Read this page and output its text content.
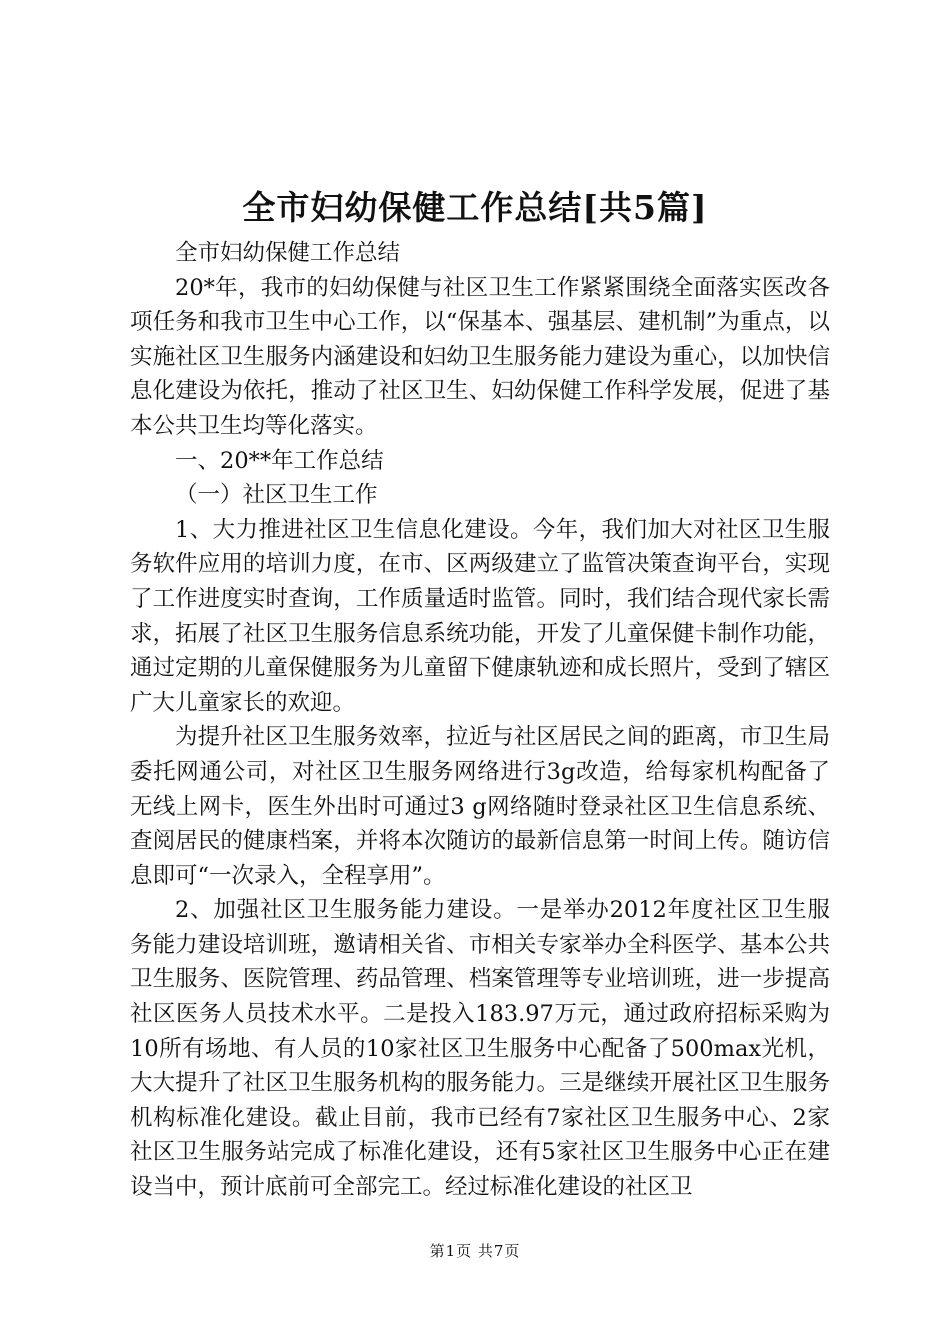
全市妇幼保健工作总结[共5篇]

全市妇幼保健工作总结

20*年，我市的妇幼保健与社区卫生工作紧紧围绕全面落实医改各项任务和我市卫生中心工作，以“保基本、强基层、建机制”为重点，以实施社区卫生服务内涵建设和妇幼卫生服务能力建设为重心，以加快信息化建设为依托，推动了社区卫生、妇幼保健工作科学发展，促进了基本公共卫生均等化落实。

一、20**年工作总结

（一）社区卫生工作

1、大力推进社区卫生信息化建设。今年，我们加大对社区卫生服务软件应用的培训力度，在市、区两级建立了监管决策查询平台，实现了工作进度实时查询，工作质量适时监管。同时，我们结合现代家长需求，拓展了社区卫生服务信息系统功能，开发了儿童保健卡制作功能，通过定期的儿童保健服务为儿童留下健康轨迹和成长照片，受到了辖区广大儿童家长的欢迎。

为提升社区卫生服务效率，拉近与社区居民之间的距离，市卫生局委托网通公司，对社区卫生服务网络进行3g改造，给每家机构配备了无线上网卡，医生外出时可通过3 g网络随时登录社区卫生信息系统、查阅居民的健康档案，并将本次随访的最新信息第一时间上传。随访信息即可“一次录入，全程享用”。

2、加强社区卫生服务能力建设。一是举办2012年度社区卫生服务能力建设培训班，邀请相关省、市相关专家举办全科医学、基本公共卫生服务、医院管理、药品管理、档案管理等专业培训班，进一步提高社区医务人员技术水平。二是投入183.97万元，通过政府招标采购为10所有场地、有人员的10家社区卫生服务中心配备了500max光机，大大提升了社区卫生服务机构的服务能力。三是继续开展社区卫生服务机构标准化建设。截止目前，我市已经有7家社区卫生服务中心、2家社区卫生服务站完成了标准化建设，还有5家社区卫生服务中心正在建设当中，预计底前可全部完工。经过标准化建设的社区卫

第1页 共7页
